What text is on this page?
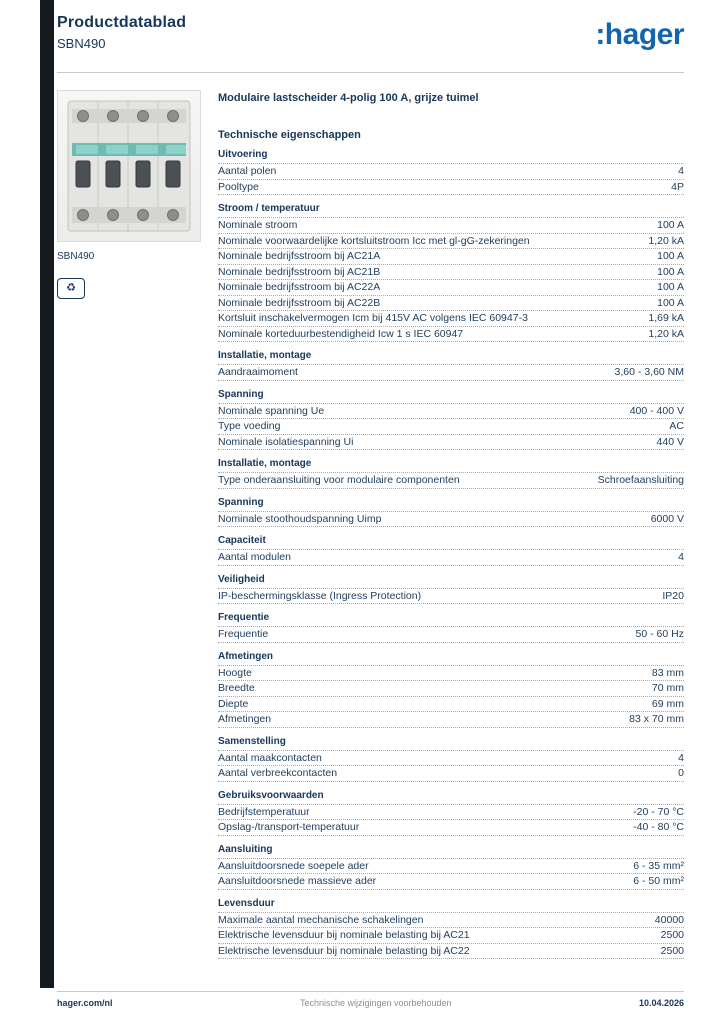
Productdatablad
SBN490	:hager
SBN490
♻
Modulaire lastscheider 4-polig 100 A, grijze tuimel
Technische eigenschappen
Uitvoering
Aantal polen	4
Pooltype	4P
Stroom / temperatuur
Nominale stroom	100 A
Nominale voorwaardelijke kortsluitstroom Icc met gl-gG-zekeringen	1,20 kA
Nominale bedrijfsstroom bij AC21A	100 A
Nominale bedrijfsstroom bij AC21B	100 A
Nominale bedrijfsstroom bij AC22A	100 A
Nominale bedrijfsstroom bij AC22B	100 A
Kortsluit inschakelvermogen Icm bij 415V AC volgens IEC 60947-3	1,69 kA
Nominale korteduurbestendigheid Icw 1 s IEC 60947	1,20 kA
Installatie, montage
Aandraaimoment	3,60 - 3,60 NM
Spanning
Nominale spanning Ue	400 - 400 V
Type voeding	AC
Nominale isolatiespanning Ui	440 V
Installatie, montage
Type onderaansluiting voor modulaire componenten	Schroefaansluiting
Spanning
Nominale stoothoudspanning Uimp	6000 V
Capaciteit
Aantal modulen	4
Veiligheid
IP-beschermingsklasse (Ingress Protection)	IP20
Frequentie
Frequentie	50 - 60 Hz
Afmetingen
Hoogte	83 mm
Breedte	70 mm
Diepte	69 mm
Afmetingen	83 x 70 mm
Samenstelling
Aantal maakcontacten	4
Aantal verbreekcontacten	0
Gebruiksvoorwaarden
Bedrijfstemperatuur	-20 - 70 °C
Opslag-/transport-temperatuur	-40 - 80 °C
Aansluiting
Aansluitdoorsnede soepele ader	6 - 35 mm²
Aansluitdoorsnede massieve ader	6 - 50 mm²
Levensduur
Maximale aantal mechanische schakelingen	40000
Elektrische levensduur bij nominale belasting bij AC21	2500
Elektrische levensduur bij nominale belasting bij AC22	2500
hager.com/nl	Technische wijzigingen voorbehouden	10.04.2026
